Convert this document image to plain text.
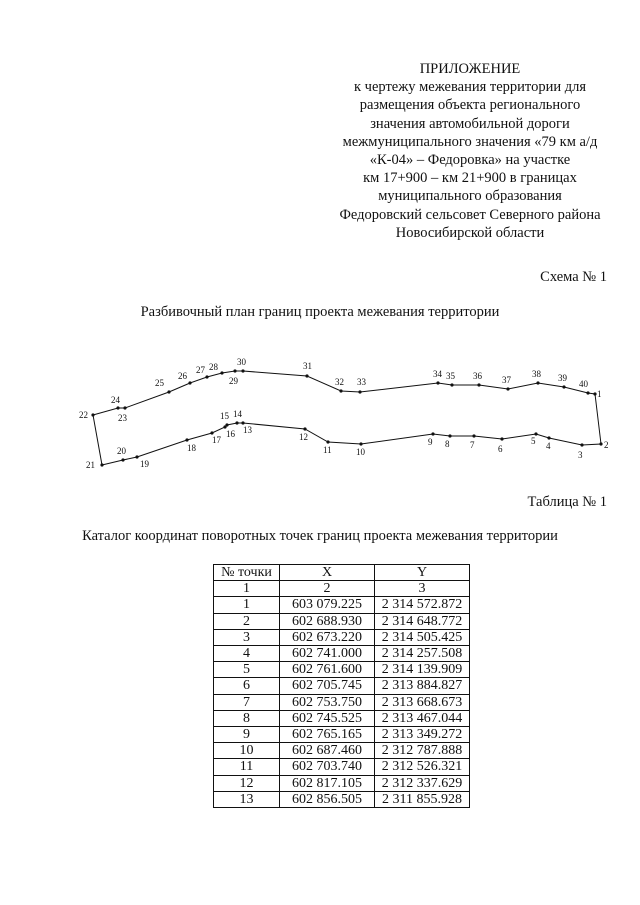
ПРИЛОЖЕНИЕ
к чертежу межевания территории для
размещения объекта регионального
значения автомобильной дороги
межмуниципального значения «79 км а/д
«К-04» – Федоровка» на участке
км 17+900 – км 21+900 в границах
муниципального образования
Федоровский сельсовет Северного района
Новосибирской области
Схема № 1
Разбивочный план границ проекта межевания территории
1
2
3
4
5
6
7
8
9
10
11
12
13
14
15
16
17
18
19
20
21
22	23
24
25
26
27 28
29
30	31
32 33
34 35 36 37
38 39
40
Таблица № 1
Каталог координат поворотных точек границ проекта межевания территории
№ точки	X	Y
1	2	3
1	603 079.225	2 314 572.872
2	602 688.930	2 314 648.772
3	602 673.220	2 314 505.425
4	602 741.000	2 314 257.508
5	602 761.600	2 314 139.909
6	602 705.745	2 313 884.827
7	602 753.750	2 313 668.673
8	602 745.525	2 313 467.044
9	602 765.165	2 313 349.272
10	602 687.460	2 312 787.888
11	602 703.740	2 312 526.321
12	602 817.105	2 312 337.629
13	602 856.505	2 311 855.928
